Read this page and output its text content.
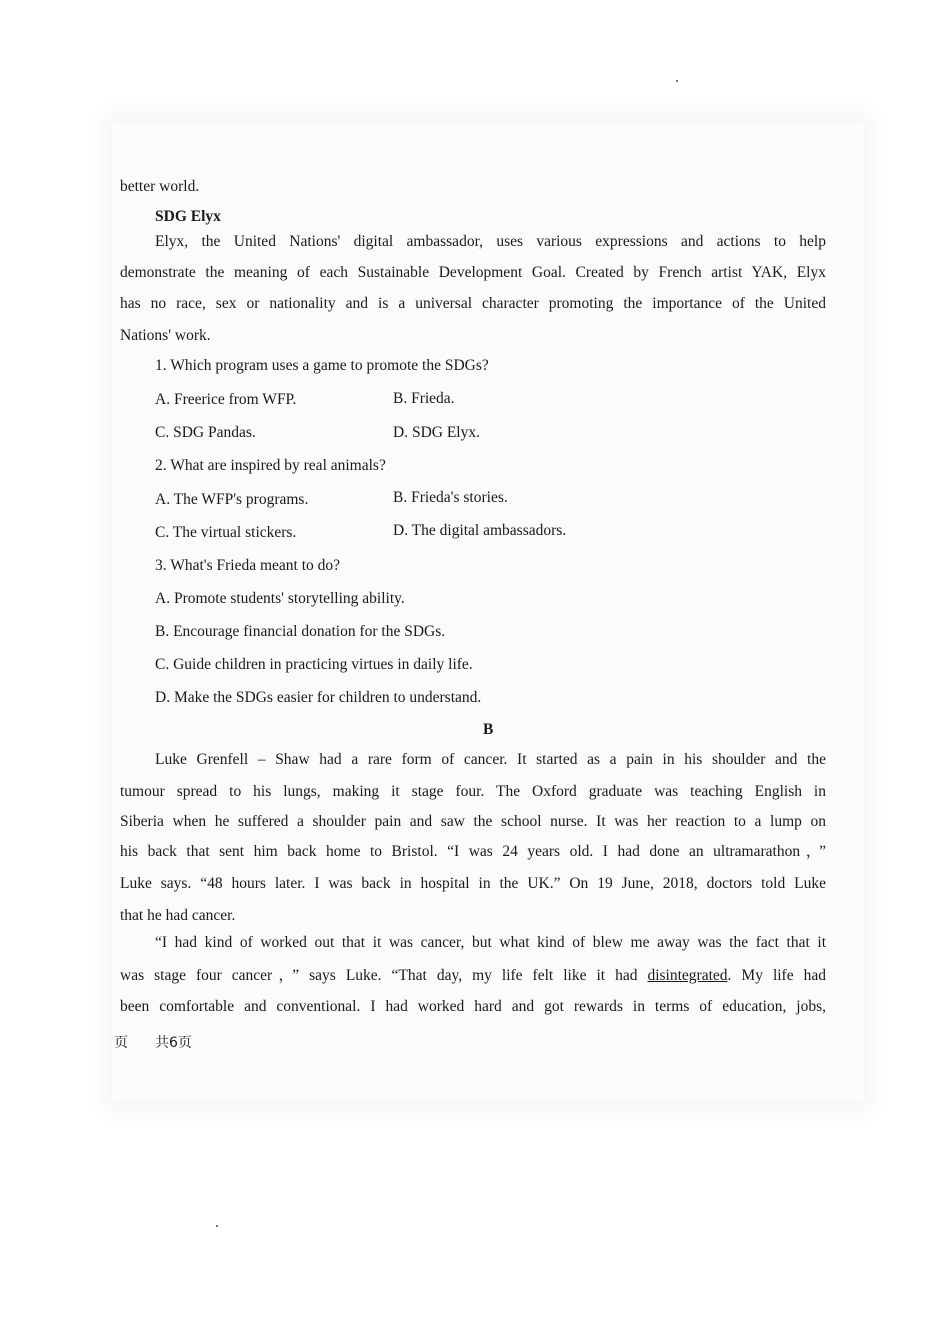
better world.
SDG Elyx
Elyx, the United Nations' digital ambassador, uses various expressions and actions to help
demonstrate the meaning of each Sustainable Development Goal. Created by French artist YAK, Elyx
has no race, sex or nationality and is a universal character promoting the importance of the United
Nations' work.
1. Which program uses a game to promote the SDGs?
A. Freerice from WFP.	B. Frieda.
C. SDG Pandas.	D. SDG Elyx.
2. What are inspired by real animals?
A. The WFP's programs.	B. Frieda's stories.
C. The virtual stickers.	D. The digital ambassadors.
3. What's Frieda meant to do?
A. Promote students' storytelling ability.
B. Encourage financial donation for the SDGs.
C. Guide children in practicing virtues in daily life.
D. Make the SDGs easier for children to understand.
B
Luke Grenfell – Shaw had a rare form of cancer. It started as a pain in his shoulder and the
tumour spread to his lungs, making it stage four. The Oxford graduate was teaching English in
Siberia when he suffered a shoulder pain and saw the school nurse. It was her reaction to a lump on
his back that sent him back home to Bristol. “I was 24 years old. I had done an ultramarathon，”
Luke says. “48 hours later. I was back in hospital in the UK.” On 19 June, 2018, doctors told Luke
that he had cancer.
“I had kind of worked out that it was cancer, but what kind of blew me away was the fact that it
was stage four cancer，” says Luke. “That day, my life felt like it had disintegrated. My life had
been comfortable and conventional. I had worked hard and got rewards in terms of education, jobs,
页 共6页
